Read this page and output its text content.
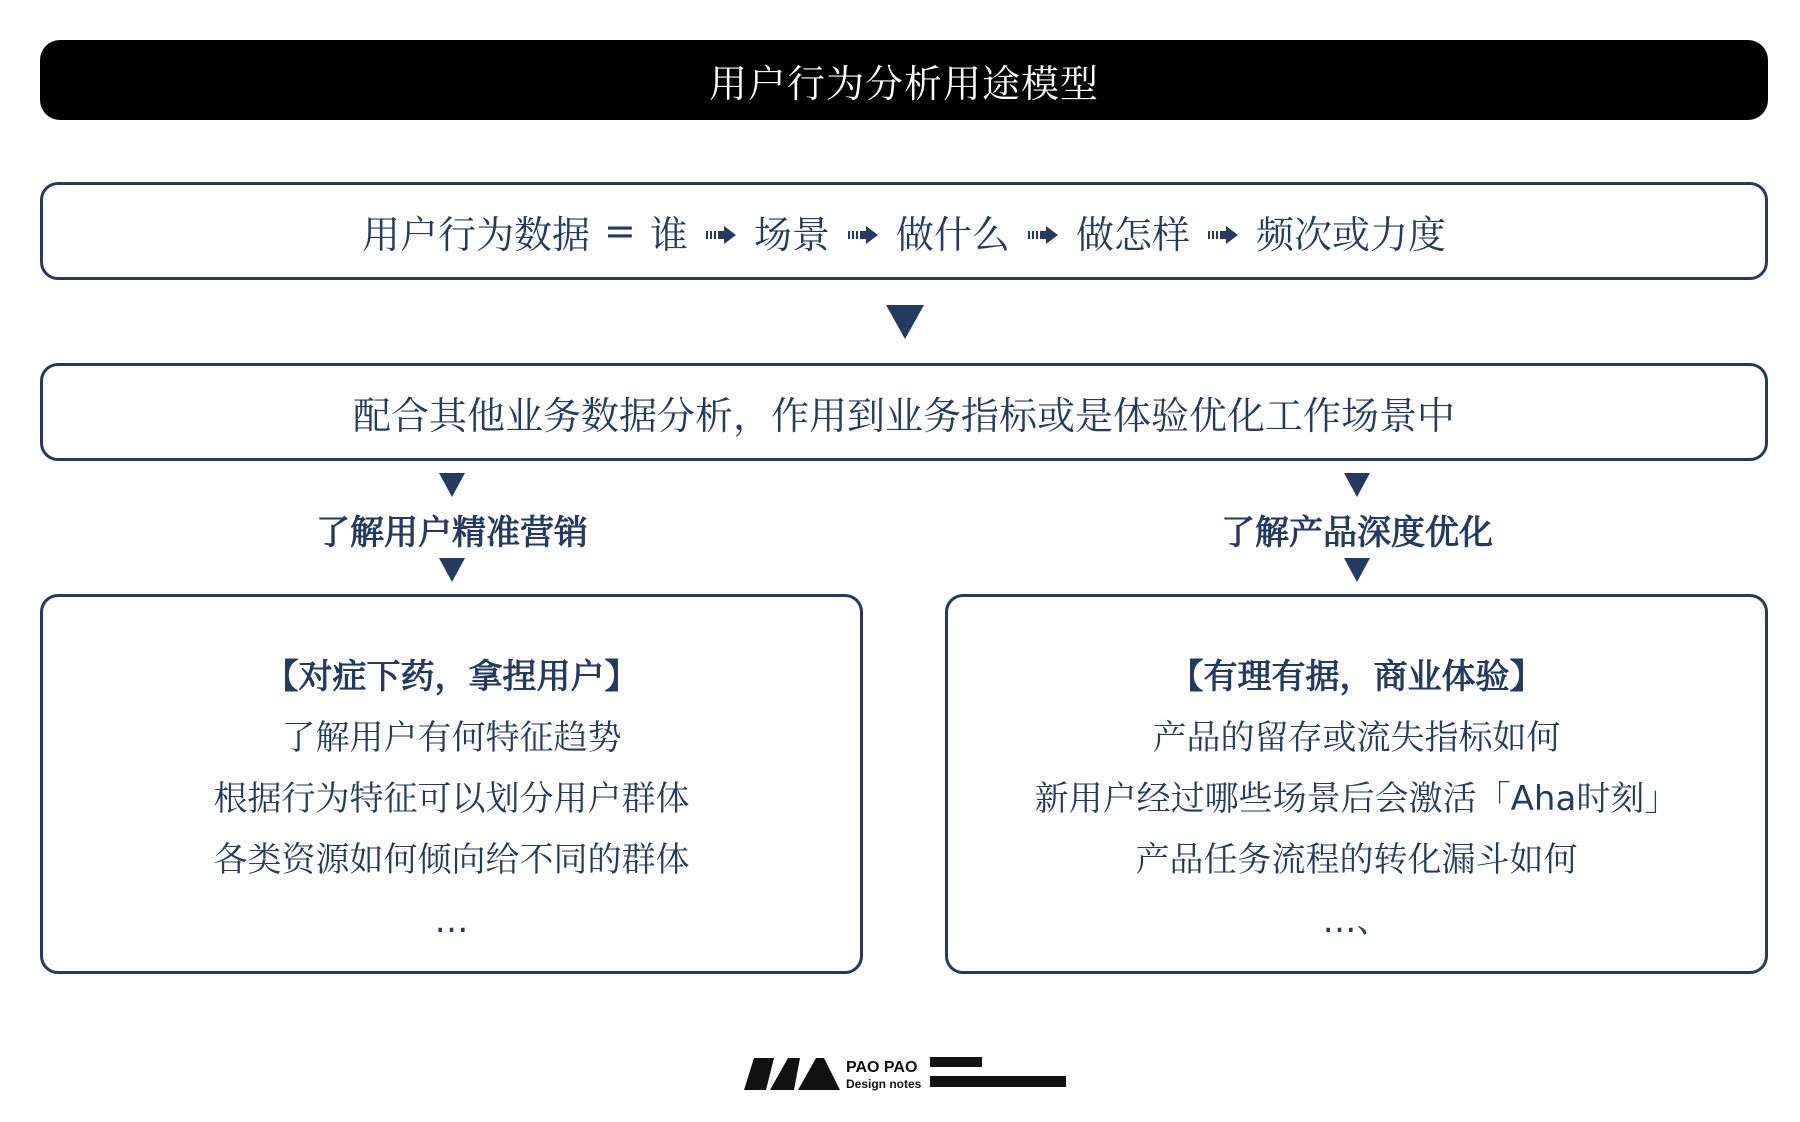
用户行为分析用途模型
用户行为数据 = 谁 场景 做什么 做怎样 频次或力度
配合其他业务数据分析，作用到业务指标或是体验优化工作场景中
了解用户精准营销	了解产品深度优化
【对症下药，拿捏用户】
了解用户有何特征趋势
根据行为特征可以划分用户群体
各类资源如何倾向给不同的群体
…
【有理有据，商业体验】
产品的留存或流失指标如何
新用户经过哪些场景后会激活「Aha时刻」
产品任务流程的转化漏斗如何
…、
PAO PAO
Design notes
